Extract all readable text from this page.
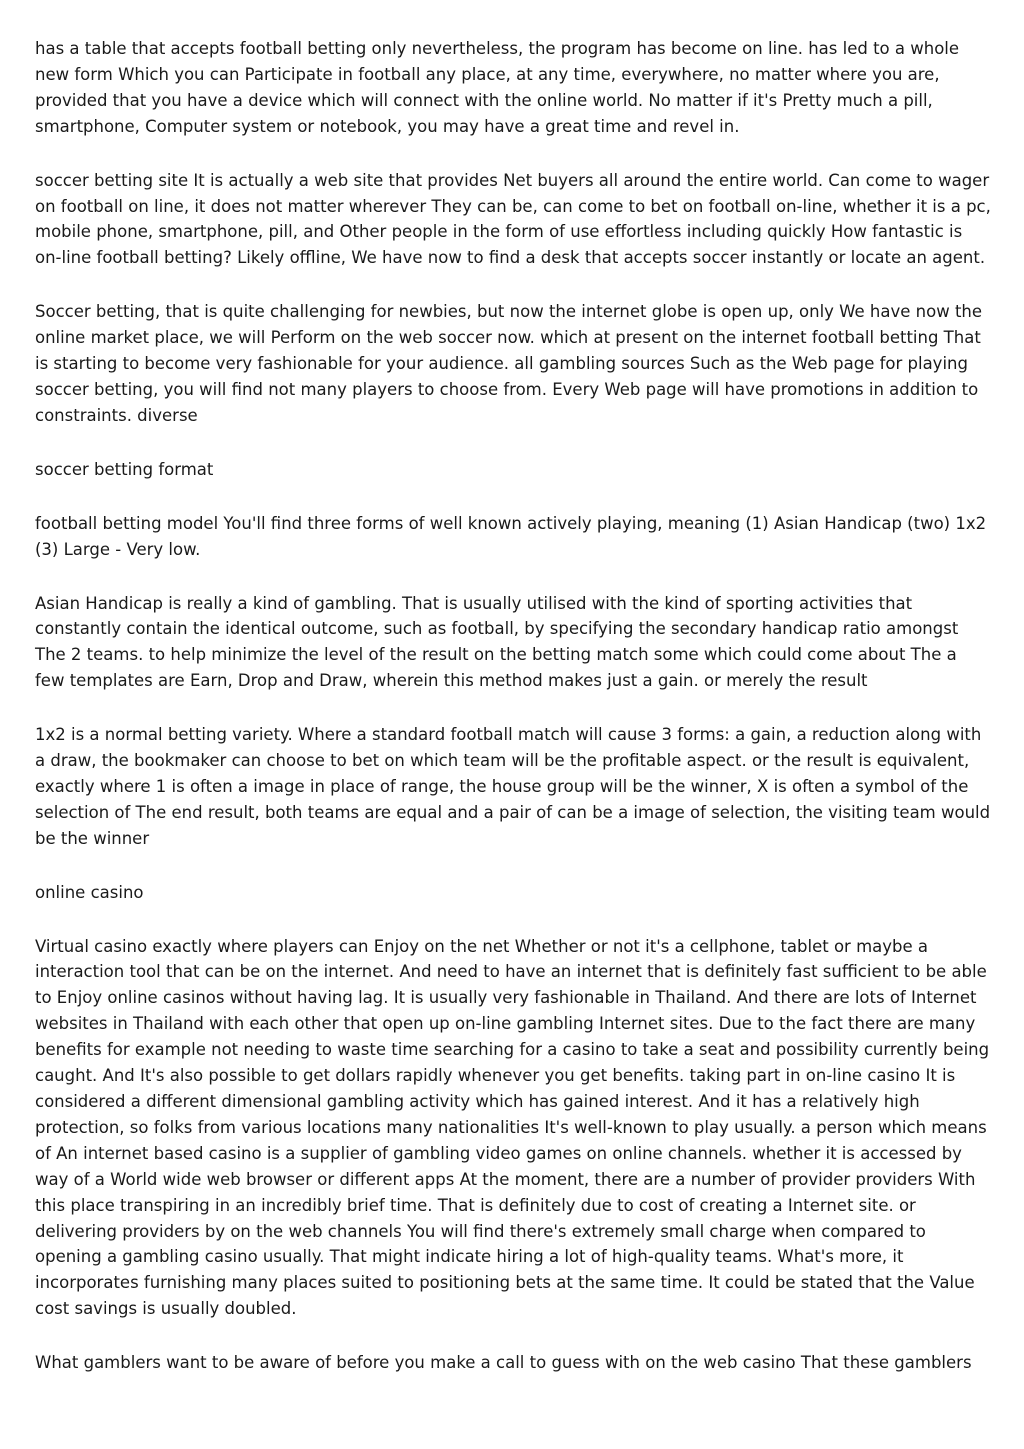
has a table that accepts football betting only nevertheless, the program has become on line. has led to a whole new form Which you can Participate in football any place, at any time, everywhere, no matter where you are, provided that you have a device which will connect with the online world. No matter if it's Pretty much a pill, smartphone, Computer system or notebook, you may have a great time and revel in.

soccer betting site It is actually a web site that provides Net buyers all around the entire world. Can come to wager on football on line, it does not matter wherever They can be, can come to bet on football on-line, whether it is a pc, mobile phone, smartphone, pill, and Other people in the form of use effortless including quickly How fantastic is on-line football betting? Likely offline, We have now to find a desk that accepts soccer instantly or locate an agent.

Soccer betting, that is quite challenging for newbies, but now the internet globe is open up, only We have now the online market place, we will Perform on the web soccer now. which at present on the internet football betting That is starting to become very fashionable for your audience. all gambling sources Such as the Web page for playing soccer betting, you will find not many players to choose from. Every Web page will have promotions in addition to constraints. diverse

soccer betting format

football betting model You'll find three forms of well known actively playing, meaning (1) Asian Handicap (two) 1x2 (3) Large - Very low.

Asian Handicap is really a kind of gambling. That is usually utilised with the kind of sporting activities that constantly contain the identical outcome, such as football, by specifying the secondary handicap ratio amongst The 2 teams. to help minimize the level of the result on the betting match some which could come about The a few templates are Earn, Drop and Draw, wherein this method makes just a gain. or merely the result

1x2 is a normal betting variety. Where a standard football match will cause 3 forms: a gain, a reduction along with a draw, the bookmaker can choose to bet on which team will be the profitable aspect. or the result is equivalent, exactly where 1 is often a image in place of range, the house group will be the winner, X is often a symbol of the selection of The end result, both teams are equal and a pair of can be a image of selection, the visiting team would be the winner

online casino

Virtual casino exactly where players can Enjoy on the net Whether or not it's a cellphone, tablet or maybe a interaction tool that can be on the internet. And need to have an internet that is definitely fast sufficient to be able to Enjoy online casinos without having lag. It is usually very fashionable in Thailand. And there are lots of Internet websites in Thailand with each other that open up on-line gambling Internet sites. Due to the fact there are many benefits for example not needing to waste time searching for a casino to take a seat and possibility currently being caught. And It's also possible to get dollars rapidly whenever you get benefits. taking part in on-line casino It is considered a different dimensional gambling activity which has gained interest. And it has a relatively high protection, so folks from various locations many nationalities It's well-known to play usually. a person which means of An internet based casino is a supplier of gambling video games on online channels. whether it is accessed by way of a World wide web browser or different apps At the moment, there are a number of provider providers With this place transpiring in an incredibly brief time. That is definitely due to cost of creating a Internet site. or delivering providers by on the web channels You will find there's extremely small charge when compared to opening a gambling casino usually. That might indicate hiring a lot of high-quality teams. What's more, it incorporates furnishing many places suited to positioning bets at the same time. It could be stated that the Value cost savings is usually doubled.

What gamblers want to be aware of before you make a call to guess with on the web casino That these gamblers
